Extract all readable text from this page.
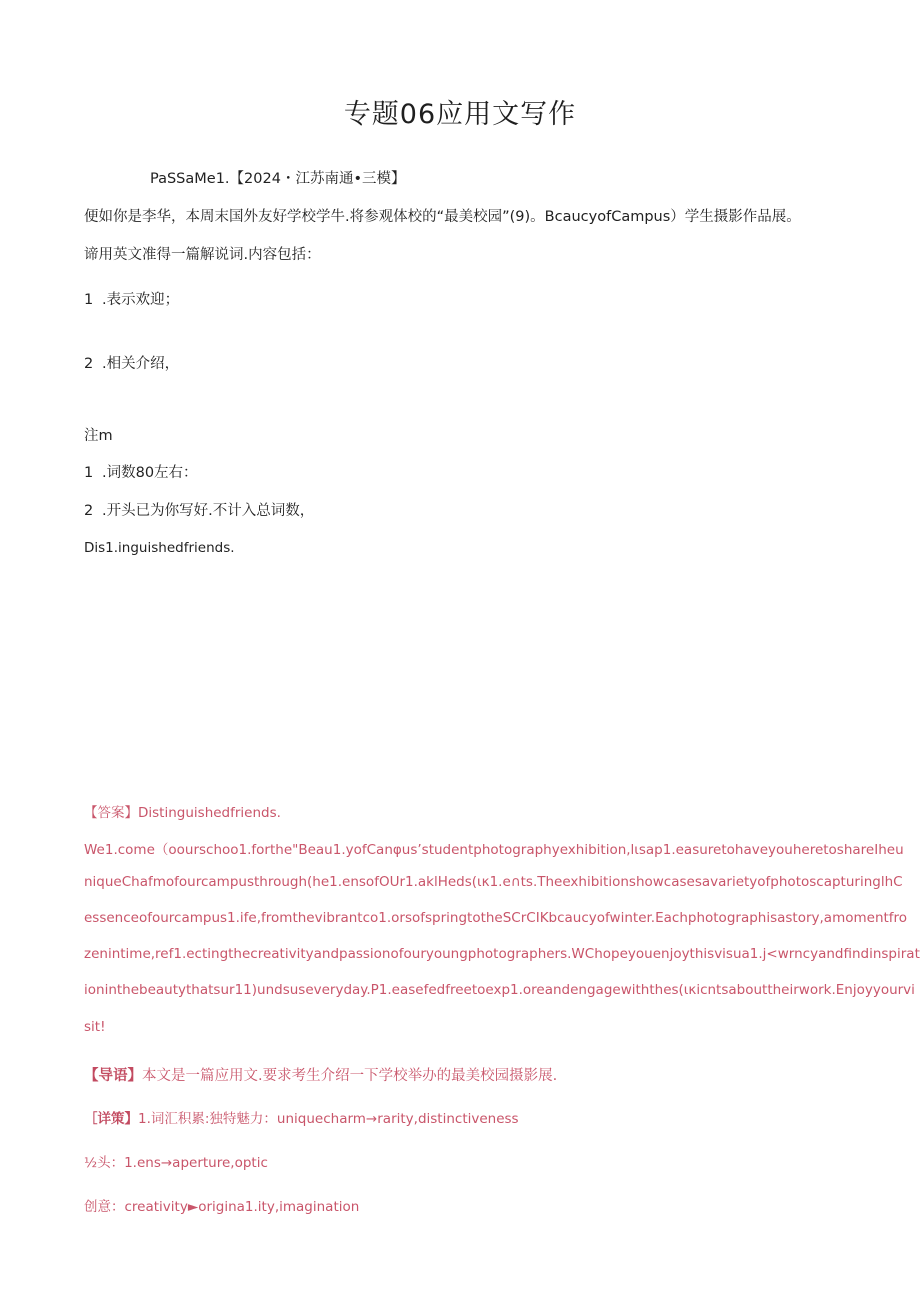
专题06应用文写作
PaSSaMe1.【2024・江苏南通•三模】
便如你是李华，本周末国外友好学校学牛.将参观体校的“最美校园”(9)。BcaucyofCampus）学生摄影作品展。
谛用英文准得一篇解说词.内容包括：
1 .表示欢迎；
2 .相关介绍，
注m
1 .词数80左右：
2 .开头已为你写好.不计入总词数，
Dis1.inguishedfriends.
【答案】Distinguishedfriends.
We1.come（oourschoo1.forthe"Beau1.yofCanφus’studentphotographyexhibition,lιsap1.easuretohaveyouheretoshareIheu
niqueChafmofourcampusthrough(he1.ensofOUr1.aklHeds(ικ1.e∩ts.TheexhibitionshowcasesavarietyofphotoscapturinglhC
essenceofourcampus1.ife,fromthevibrantco1.orsofspringtotheSCrCIKbcaucyofwinter.Eachphotographisastory,amomentfro
zenintime,ref1.ectingthecreativityandpassionofouryoungphotographers.WChopeyouenjoythisvisua1.j<wrncyandfindinspirat
ioninthebeautythatsur11)undsuseveryday.P1.easefedfreetoexp1.oreandengagewiththes(ικicntsabouttheirwork.Enjoyyourvi
sit!
【导语】本文是一篇应用文.要求考生介绍一下学校举办的最美校园摄影展.
［详策】1.词汇积累:独特魅力：uniquecharm→rarity,distinctiveness
½头：1.ens→aperture,optic
创意：creativity►origina1.ity,imagination
